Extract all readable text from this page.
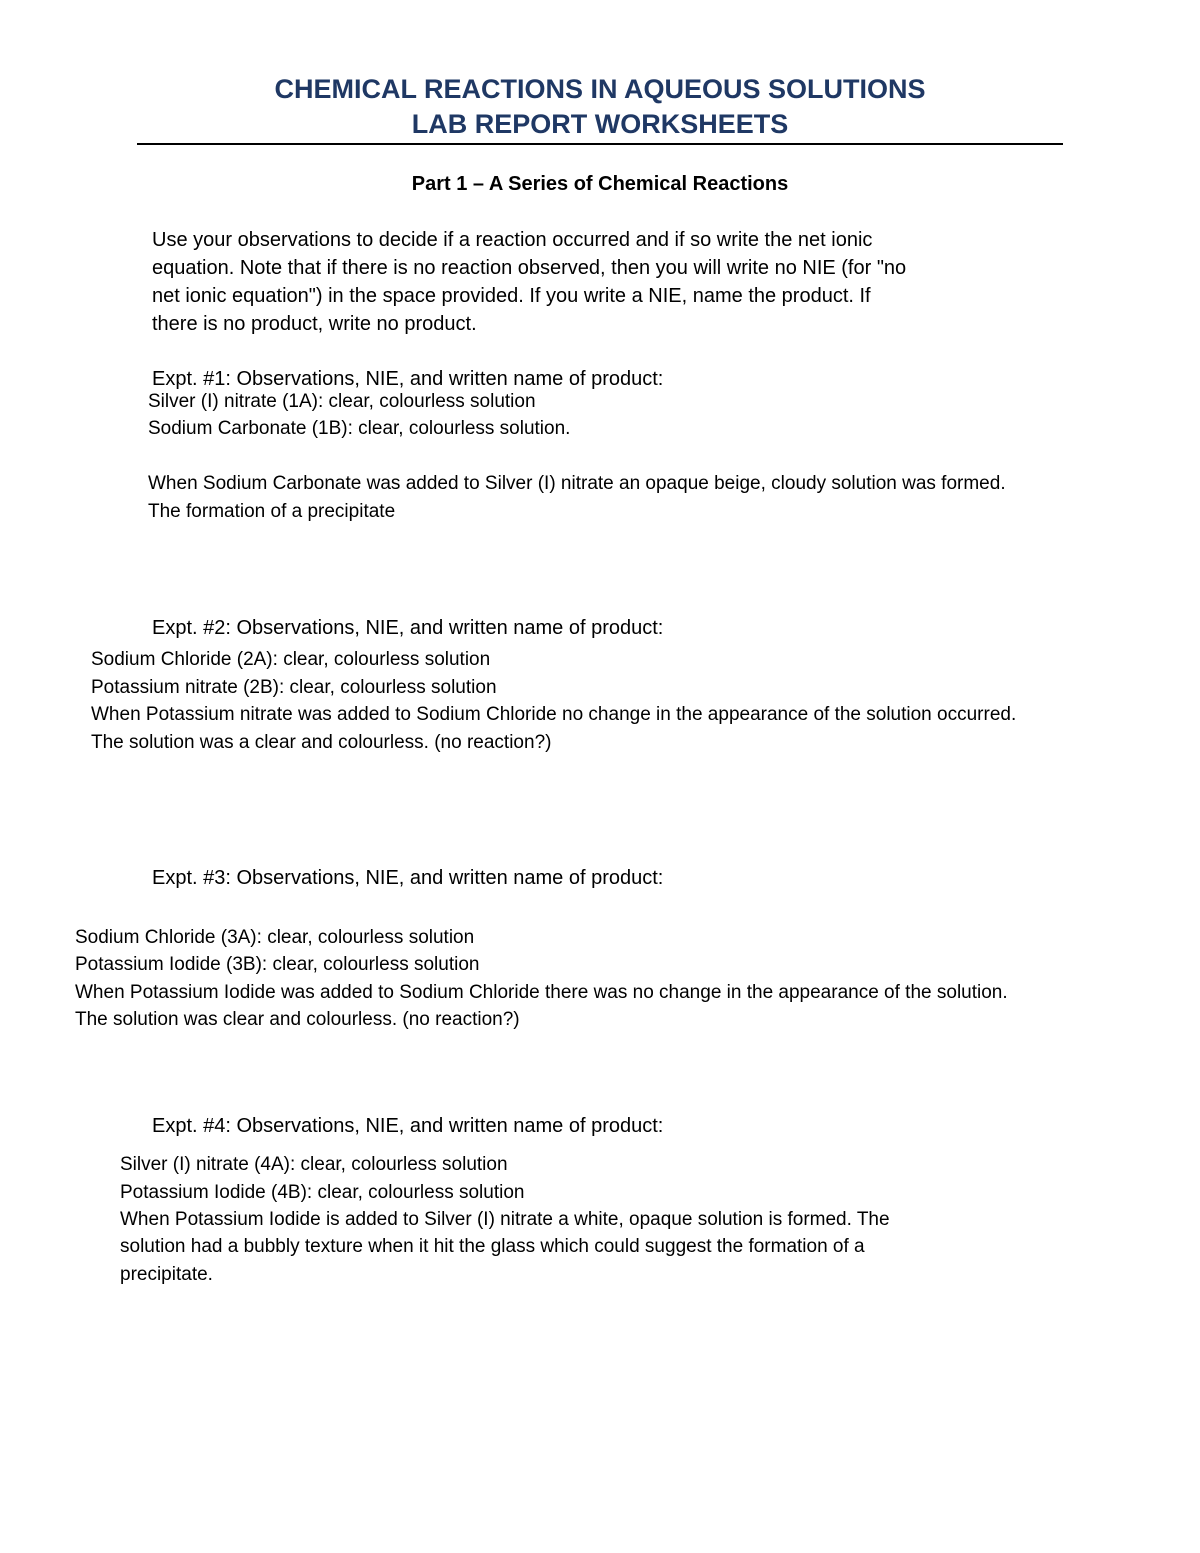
CHEMICAL REACTIONS IN AQUEOUS SOLUTIONS
LAB REPORT WORKSHEETS
Part 1 – A Series of Chemical Reactions
Use your observations to decide if a reaction occurred and if so write the net ionic
equation. Note that if there is no reaction observed, then you will write no NIE (for "no
net ionic equation") in the space provided. If you write a NIE, name the product. If
there is no product, write no product.
Expt. #1: Observations, NIE, and written name of product:
Silver (I) nitrate (1A): clear, colourless solution
Sodium Carbonate (1B): clear, colourless solution.
When Sodium Carbonate was added to Silver (I) nitrate an opaque beige, cloudy solution was formed.
The formation of a precipitate
Expt. #2: Observations, NIE, and written name of product:
Sodium Chloride (2A): clear, colourless solution
Potassium nitrate (2B): clear, colourless solution
When Potassium nitrate was added to Sodium Chloride no change in the appearance of the solution occurred.
The solution was a clear and colourless. (no reaction?)
Expt. #3: Observations, NIE, and written name of product:
Sodium Chloride (3A): clear, colourless solution
Potassium Iodide (3B): clear, colourless solution
When Potassium Iodide was added to Sodium Chloride there was no change in the appearance of the solution.
The solution was clear and colourless. (no reaction?)
Expt. #4: Observations, NIE, and written name of product:
Silver (I) nitrate (4A): clear, colourless solution
Potassium Iodide (4B): clear, colourless solution
When Potassium Iodide is added to Silver (I) nitrate a white, opaque solution is formed. The
solution had a bubbly texture when it hit the glass which could suggest the formation of a
precipitate.
